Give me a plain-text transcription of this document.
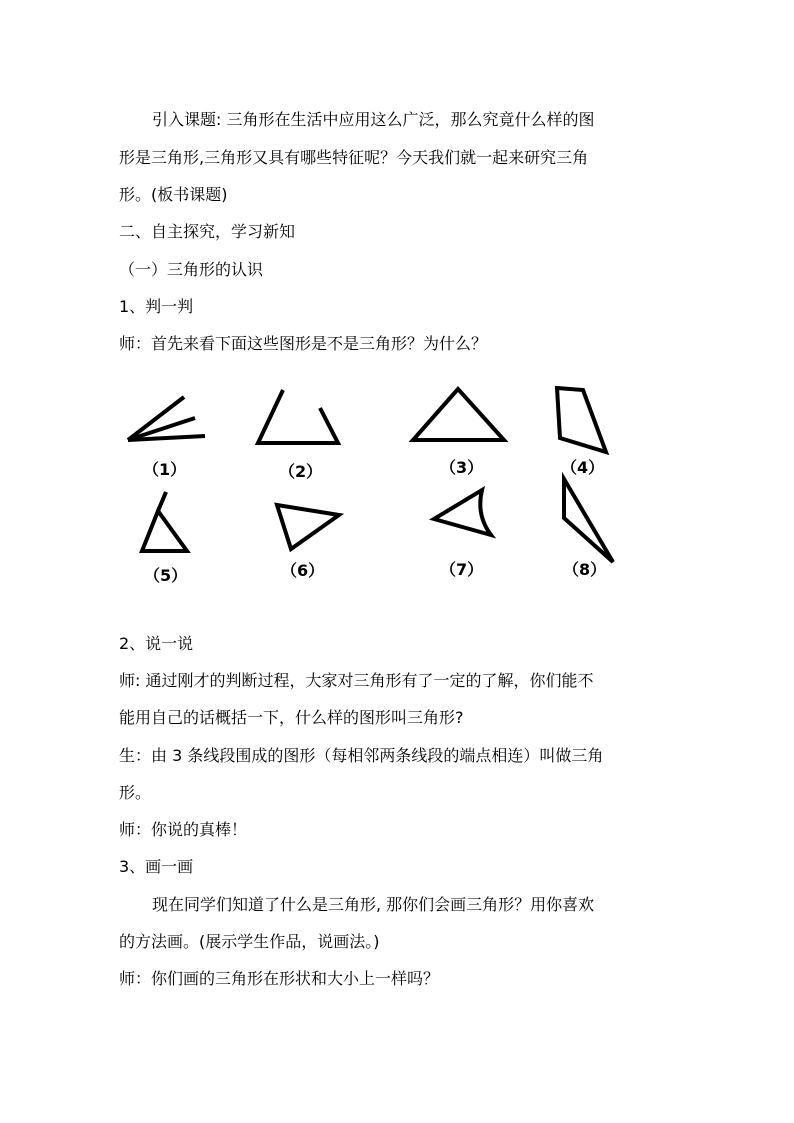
引入课题: 三角形在生活中应用这么广泛，那么究竟什么样的图
形是三角形,三角形又具有哪些特征呢？今天我们就一起来研究三角
形。(板书课题)
二、自主探究，学习新知
（一）三角形的认识
1、判一判
师：首先来看下面这些图形是不是三角形？为什么？
（1）	（2）	（3）	（4）
（5）	（6）	（7）	（8）
2、说一说
师: 通过刚才的判断过程，大家对三角形有了一定的了解，你们能不
能用自己的话概括一下，什么样的图形叫三角形?
生：由 3 条线段围成的图形（每相邻两条线段的端点相连）叫做三角
形。
师：你说的真棒！
3、画一画
现在同学们知道了什么是三角形, 那你们会画三角形？用你喜欢
的方法画。(展示学生作品，说画法。)
师：你们画的三角形在形状和大小上一样吗？
